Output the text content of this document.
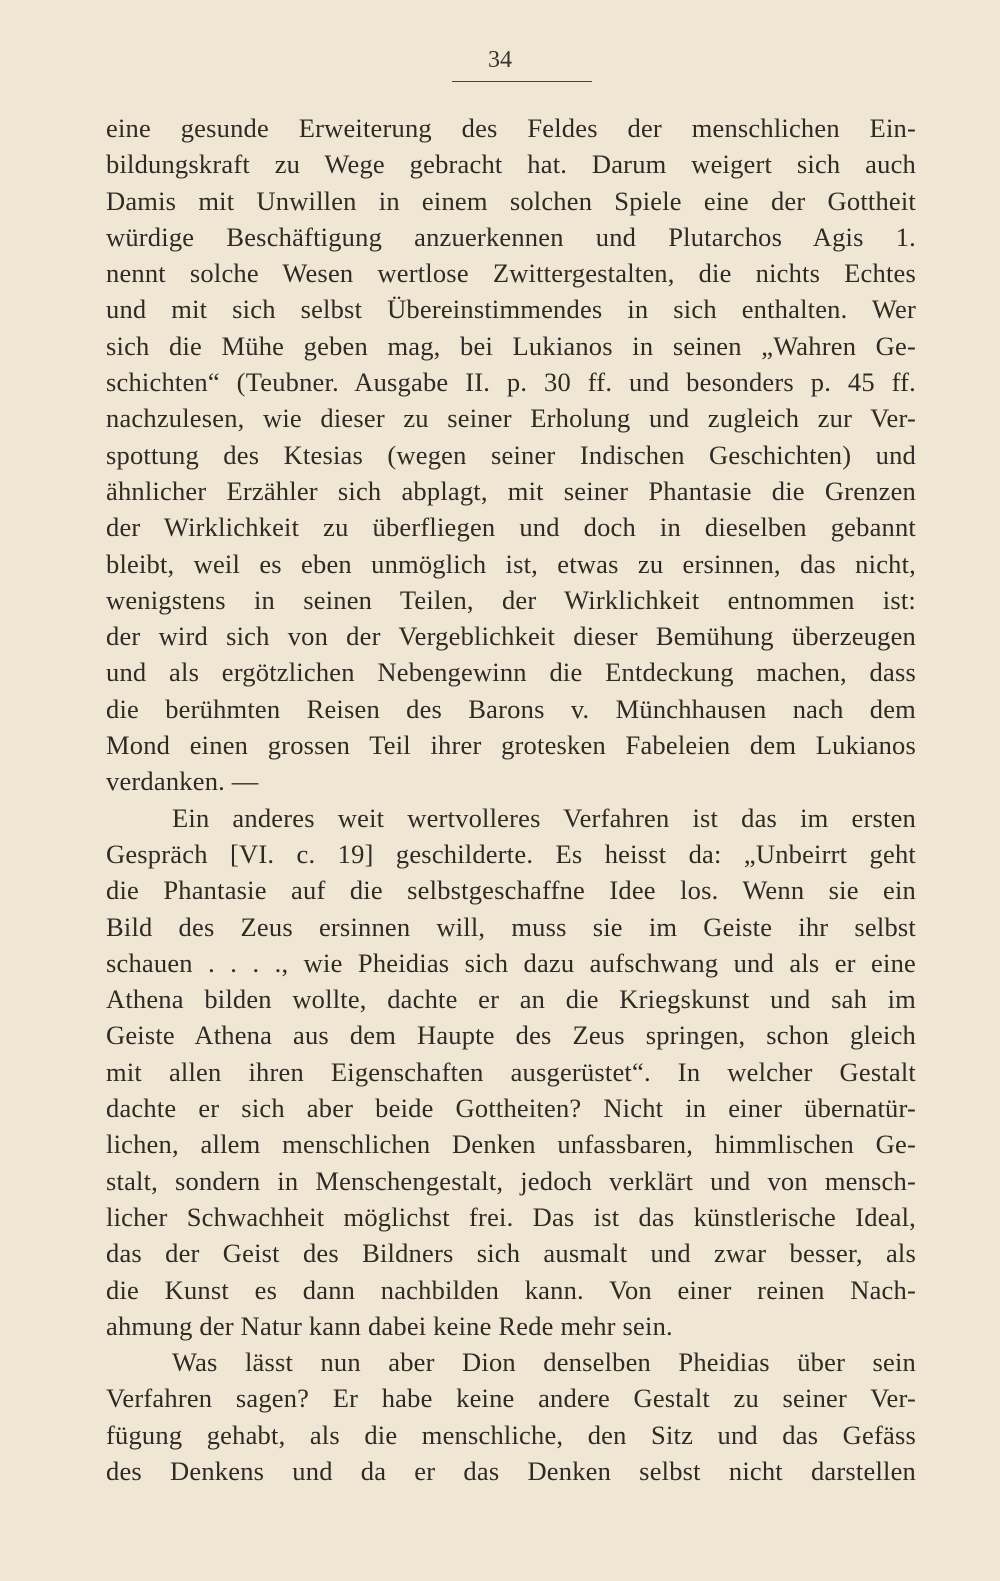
34
eine gesunde Erweiterung des Feldes der menschlichen Ein-
bildungskraft zu Wege gebracht hat. Darum weigert sich auch
Damis mit Unwillen in einem solchen Spiele eine der Gottheit
würdige Beschäftigung anzuerkennen und Plutarchos Agis 1.
nennt solche Wesen wertlose Zwittergestalten, die nichts Echtes
und mit sich selbst Übereinstimmendes in sich enthalten. Wer
sich die Mühe geben mag, bei Lukianos in seinen „Wahren Ge-
schichten“ (Teubner. Ausgabe II. p. 30 ff. und besonders p. 45 ff.
nachzulesen, wie dieser zu seiner Erholung und zugleich zur Ver-
spottung des Ktesias (wegen seiner Indischen Geschichten) und
ähnlicher Erzähler sich abplagt, mit seiner Phantasie die Grenzen
der Wirklichkeit zu überfliegen und doch in dieselben gebannt
bleibt, weil es eben unmöglich ist, etwas zu ersinnen, das nicht,
wenigstens in seinen Teilen, der Wirklichkeit entnommen ist:
der wird sich von der Vergeblichkeit dieser Bemühung überzeugen
und als ergötzlichen Nebengewinn die Entdeckung machen, dass
die berühmten Reisen des Barons v. Münchhausen nach dem
Mond einen grossen Teil ihrer grotesken Fabeleien dem Lukianos
verdanken. —
Ein anderes weit wertvolleres Verfahren ist das im ersten
Gespräch [VI. c. 19] geschilderte. Es heisst da: „Unbeirrt geht
die Phantasie auf die selbstgeschaffne Idee los. Wenn sie ein
Bild des Zeus ersinnen will, muss sie im Geiste ihr selbst
schauen . . . ., wie Pheidias sich dazu aufschwang und als er eine
Athena bilden wollte, dachte er an die Kriegskunst und sah im
Geiste Athena aus dem Haupte des Zeus springen, schon gleich
mit allen ihren Eigenschaften ausgerüstet“. In welcher Gestalt
dachte er sich aber beide Gottheiten? Nicht in einer übernatür-
lichen, allem menschlichen Denken unfassbaren, himmlischen Ge-
stalt, sondern in Menschengestalt, jedoch verklärt und von mensch-
licher Schwachheit möglichst frei. Das ist das künstlerische Ideal,
das der Geist des Bildners sich ausmalt und zwar besser, als
die Kunst es dann nachbilden kann. Von einer reinen Nach-
ahmung der Natur kann dabei keine Rede mehr sein.
Was lässt nun aber Dion denselben Pheidias über sein
Verfahren sagen? Er habe keine andere Gestalt zu seiner Ver-
fügung gehabt, als die menschliche, den Sitz und das Gefäss
des Denkens und da er das Denken selbst nicht darstellen
